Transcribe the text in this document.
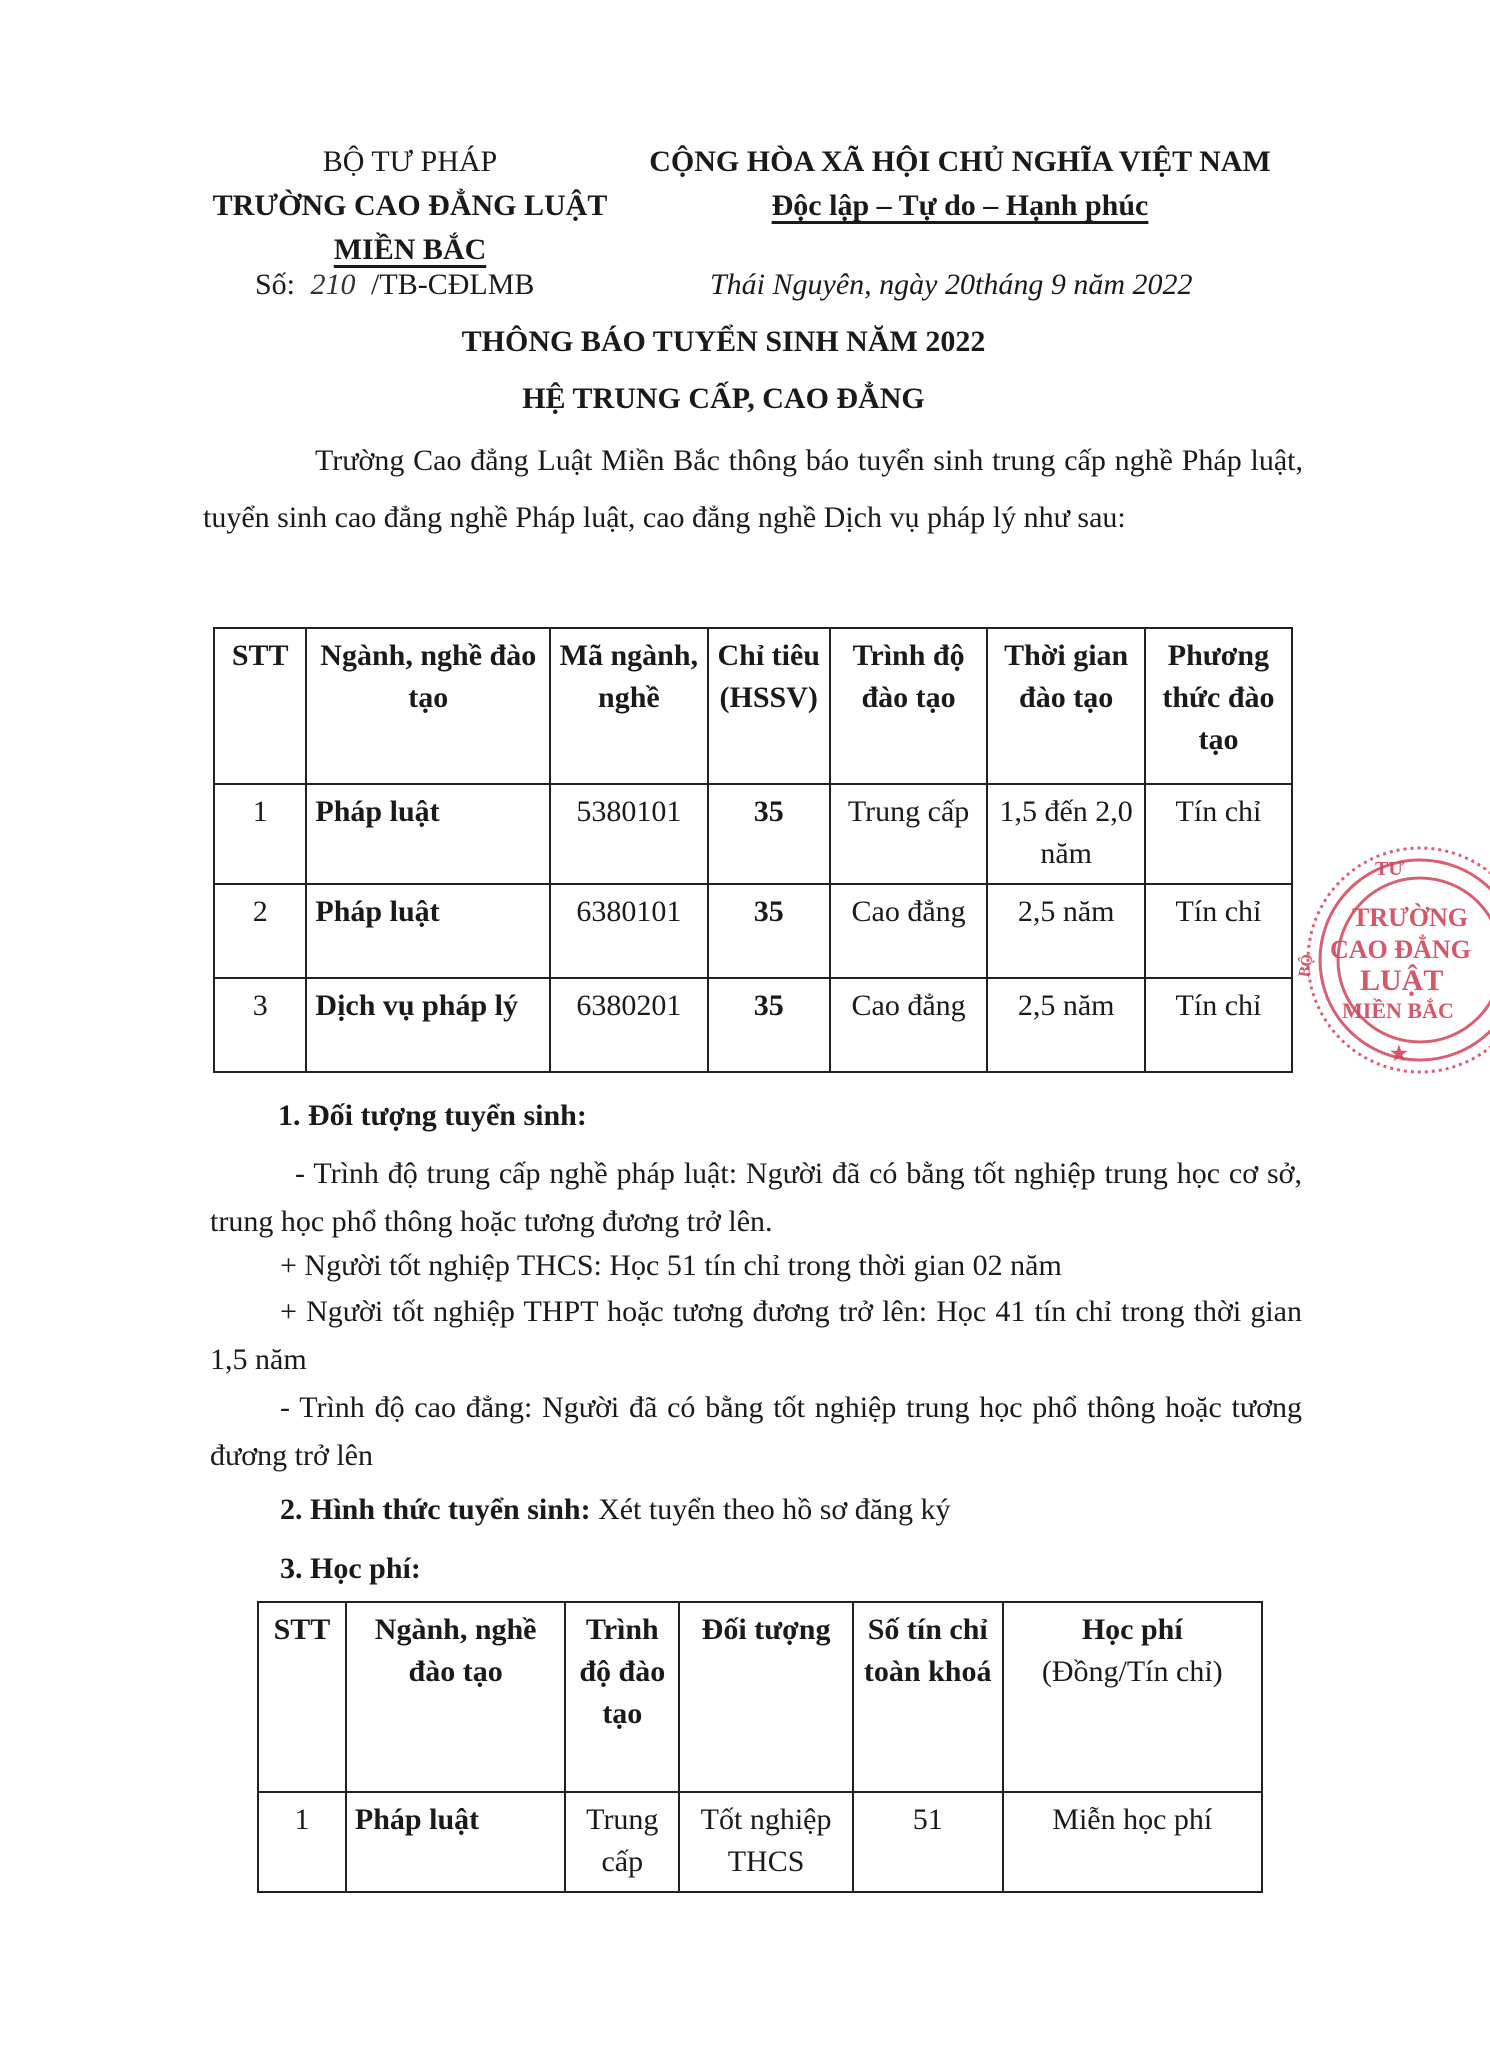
BỘ TƯ PHÁP
TRƯỜNG CAO ĐẲNG LUẬT
MIỀN BẮC
CỘNG HÒA XÃ HỘI CHỦ NGHĨA VIỆT NAM
Độc lập – Tự do – Hạnh phúc
Số: 210 /TB-CĐLMB	Thái Nguyên, ngày 20tháng 9 năm 2022
THÔNG BÁO TUYỂN SINH NĂM 2022
HỆ TRUNG CẤP, CAO ĐẲNG
Trường Cao đẳng Luật Miền Bắc thông báo tuyển sinh trung cấp nghề Pháp luật, tuyển sinh cao đẳng nghề Pháp luật, cao đẳng nghề Dịch vụ pháp lý như sau:
STT	Ngành, nghề đào tạo	Mã ngành, nghề	Chỉ tiêu (HSSV)	Trình độ đào tạo	Thời gian đào tạo	Phương thức đào tạo
1	Pháp luật	5380101	35	Trung cấp	1,5 đến 2,0 năm	Tín chỉ
2	Pháp luật	6380101	35	Cao đẳng	2,5 năm	Tín chỉ
3	Dịch vụ pháp lý	6380201	35	Cao đẳng	2,5 năm	Tín chỉ
1. Đối tượng tuyển sinh:
- Trình độ trung cấp nghề pháp luật: Người đã có bằng tốt nghiệp trung học cơ sở, trung học phổ thông hoặc tương đương trở lên.
+ Người tốt nghiệp THCS: Học 51 tín chỉ trong thời gian 02 năm
+ Người tốt nghiệp THPT hoặc tương đương trở lên: Học 41 tín chỉ trong thời gian 1,5 năm
- Trình độ cao đẳng: Người đã có bằng tốt nghiệp trung học phổ thông hoặc tương đương trở lên
2. Hình thức tuyển sinh: Xét tuyển theo hồ sơ đăng ký
3. Học phí:
STT	Ngành, nghề đào tạo	Trình độ đào tạo	Đối tượng	Số tín chỉ toàn khoá	Học phí
(Đồng/Tín chỉ)

1	Pháp luật	Trung cấp	Tốt nghiệp THCS	51	Miễn học phí
TƯ
TRƯỜNG
CAO ĐẲNG
LUẬT
MIỀN BẮC
BỘ
★
